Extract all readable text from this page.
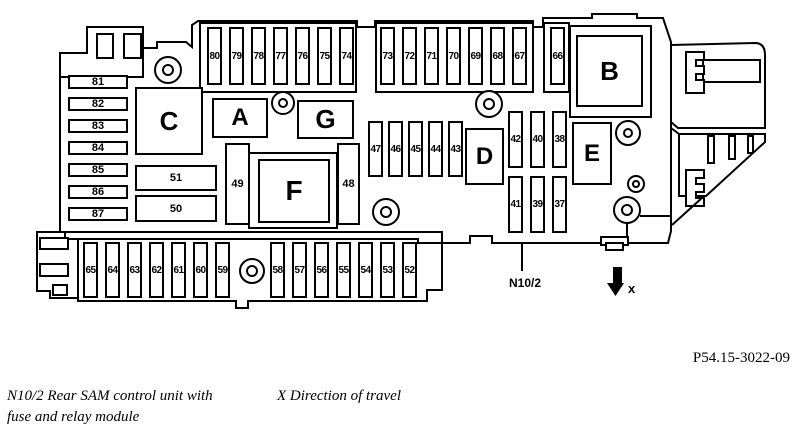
81
82
83
84
85
86
87
80 79 78 77 76 75 74	73 72 71 70 69 68 67	66
47 46 45 44 43
42 40 38
41 39 37
65 64 63 62 61 60 59	58 57 56 55 54 53 52
C A	G
B
D	E
F
51
50
49	48
N10/2	x
P54.15-3022-09
N10/2 Rear SAM control unit with
fuse and relay module
X Direction of travel
